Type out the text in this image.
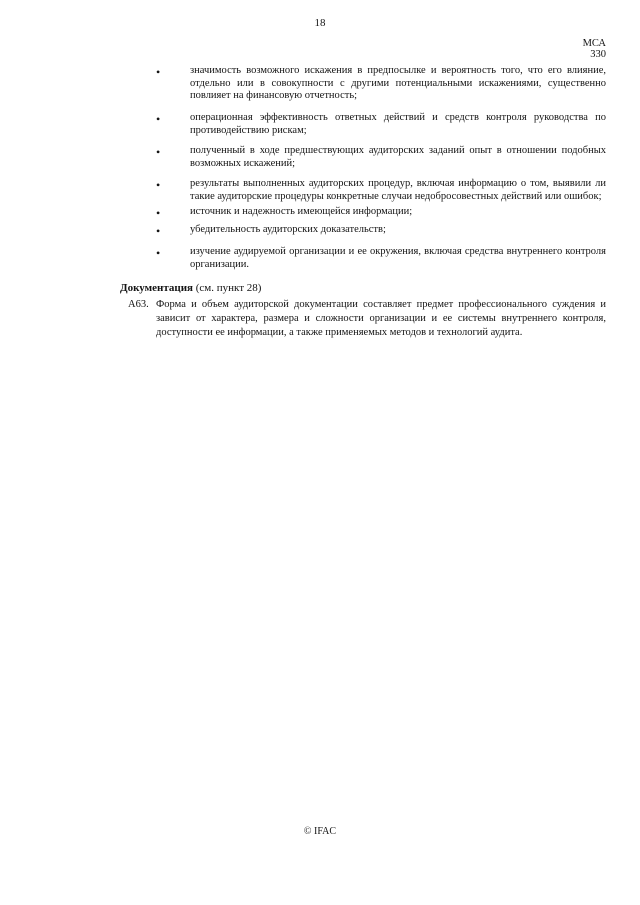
18
МСА 330
•	значимость возможного искажения в предпосылке и вероятность того, что его влияние, отдельно или в совокупности с другими потенциальными искажениями, существенно повлияет на финансовую отчетность;
•	операционная эффективность ответных действий и средств контроля руководства по противодействию рискам;
•	полученный в ходе предшествующих аудиторских заданий опыт в отношении подобных возможных искажений;
•	результаты выполненных аудиторских процедур, включая информацию о том, выявили ли такие аудиторские процедуры конкретные случаи недобросовестных действий или ошибок;
•	источник и надежность имеющейся информации;
•	убедительность аудиторских доказательств;
•	изучение аудируемой организации и ее окружения, включая средства внутреннего контроля организации.
Документация (см. пункт 28)
A63. Форма и объем аудиторской документации составляет предмет профессионального суждения и зависит от характера, размера и сложности организации и ее системы внутреннего контроля, доступности ее информации, а также применяемых методов и технологий аудита.
© IFAC
